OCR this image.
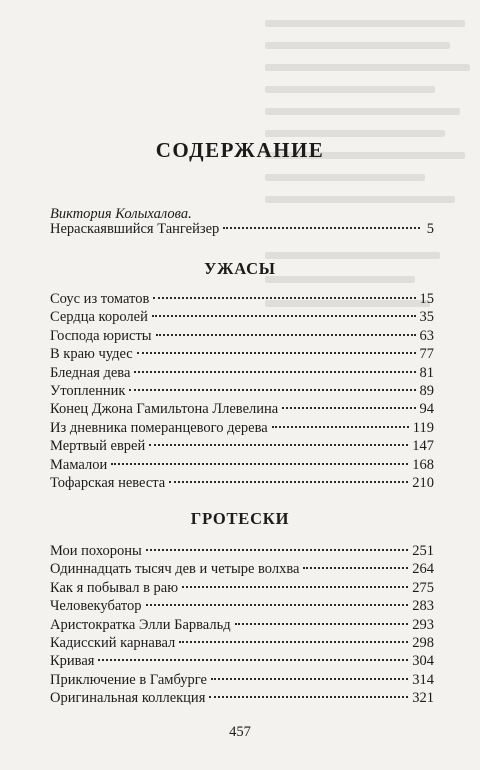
СОДЕРЖАНИЕ
Виктория Колыхалова.
Нераскаявшийся Тангейзер	5
УЖАСЫ
Соус из томатов	15
Сердца королей	35
Господа юристы	63
В краю чудес	77
Бледная дева	81
Утопленник	89
Конец Джона Гамильтона Ллевелина	94
Из дневника померанцевого дерева	119
Мертвый еврей	147
Мамалои	168
Тофарская невеста	210
ГРОТЕСКИ
Мои похороны	251
Одиннадцать тысяч дев и четыре волхва	264
Как я побывал в раю	275
Человекубатор	283
Аристократка Элли Барвальд	293
Кадисский карнавал	298
Кривая	304
Приключение в Гамбурге	314
Оригинальная коллекция	321
457
